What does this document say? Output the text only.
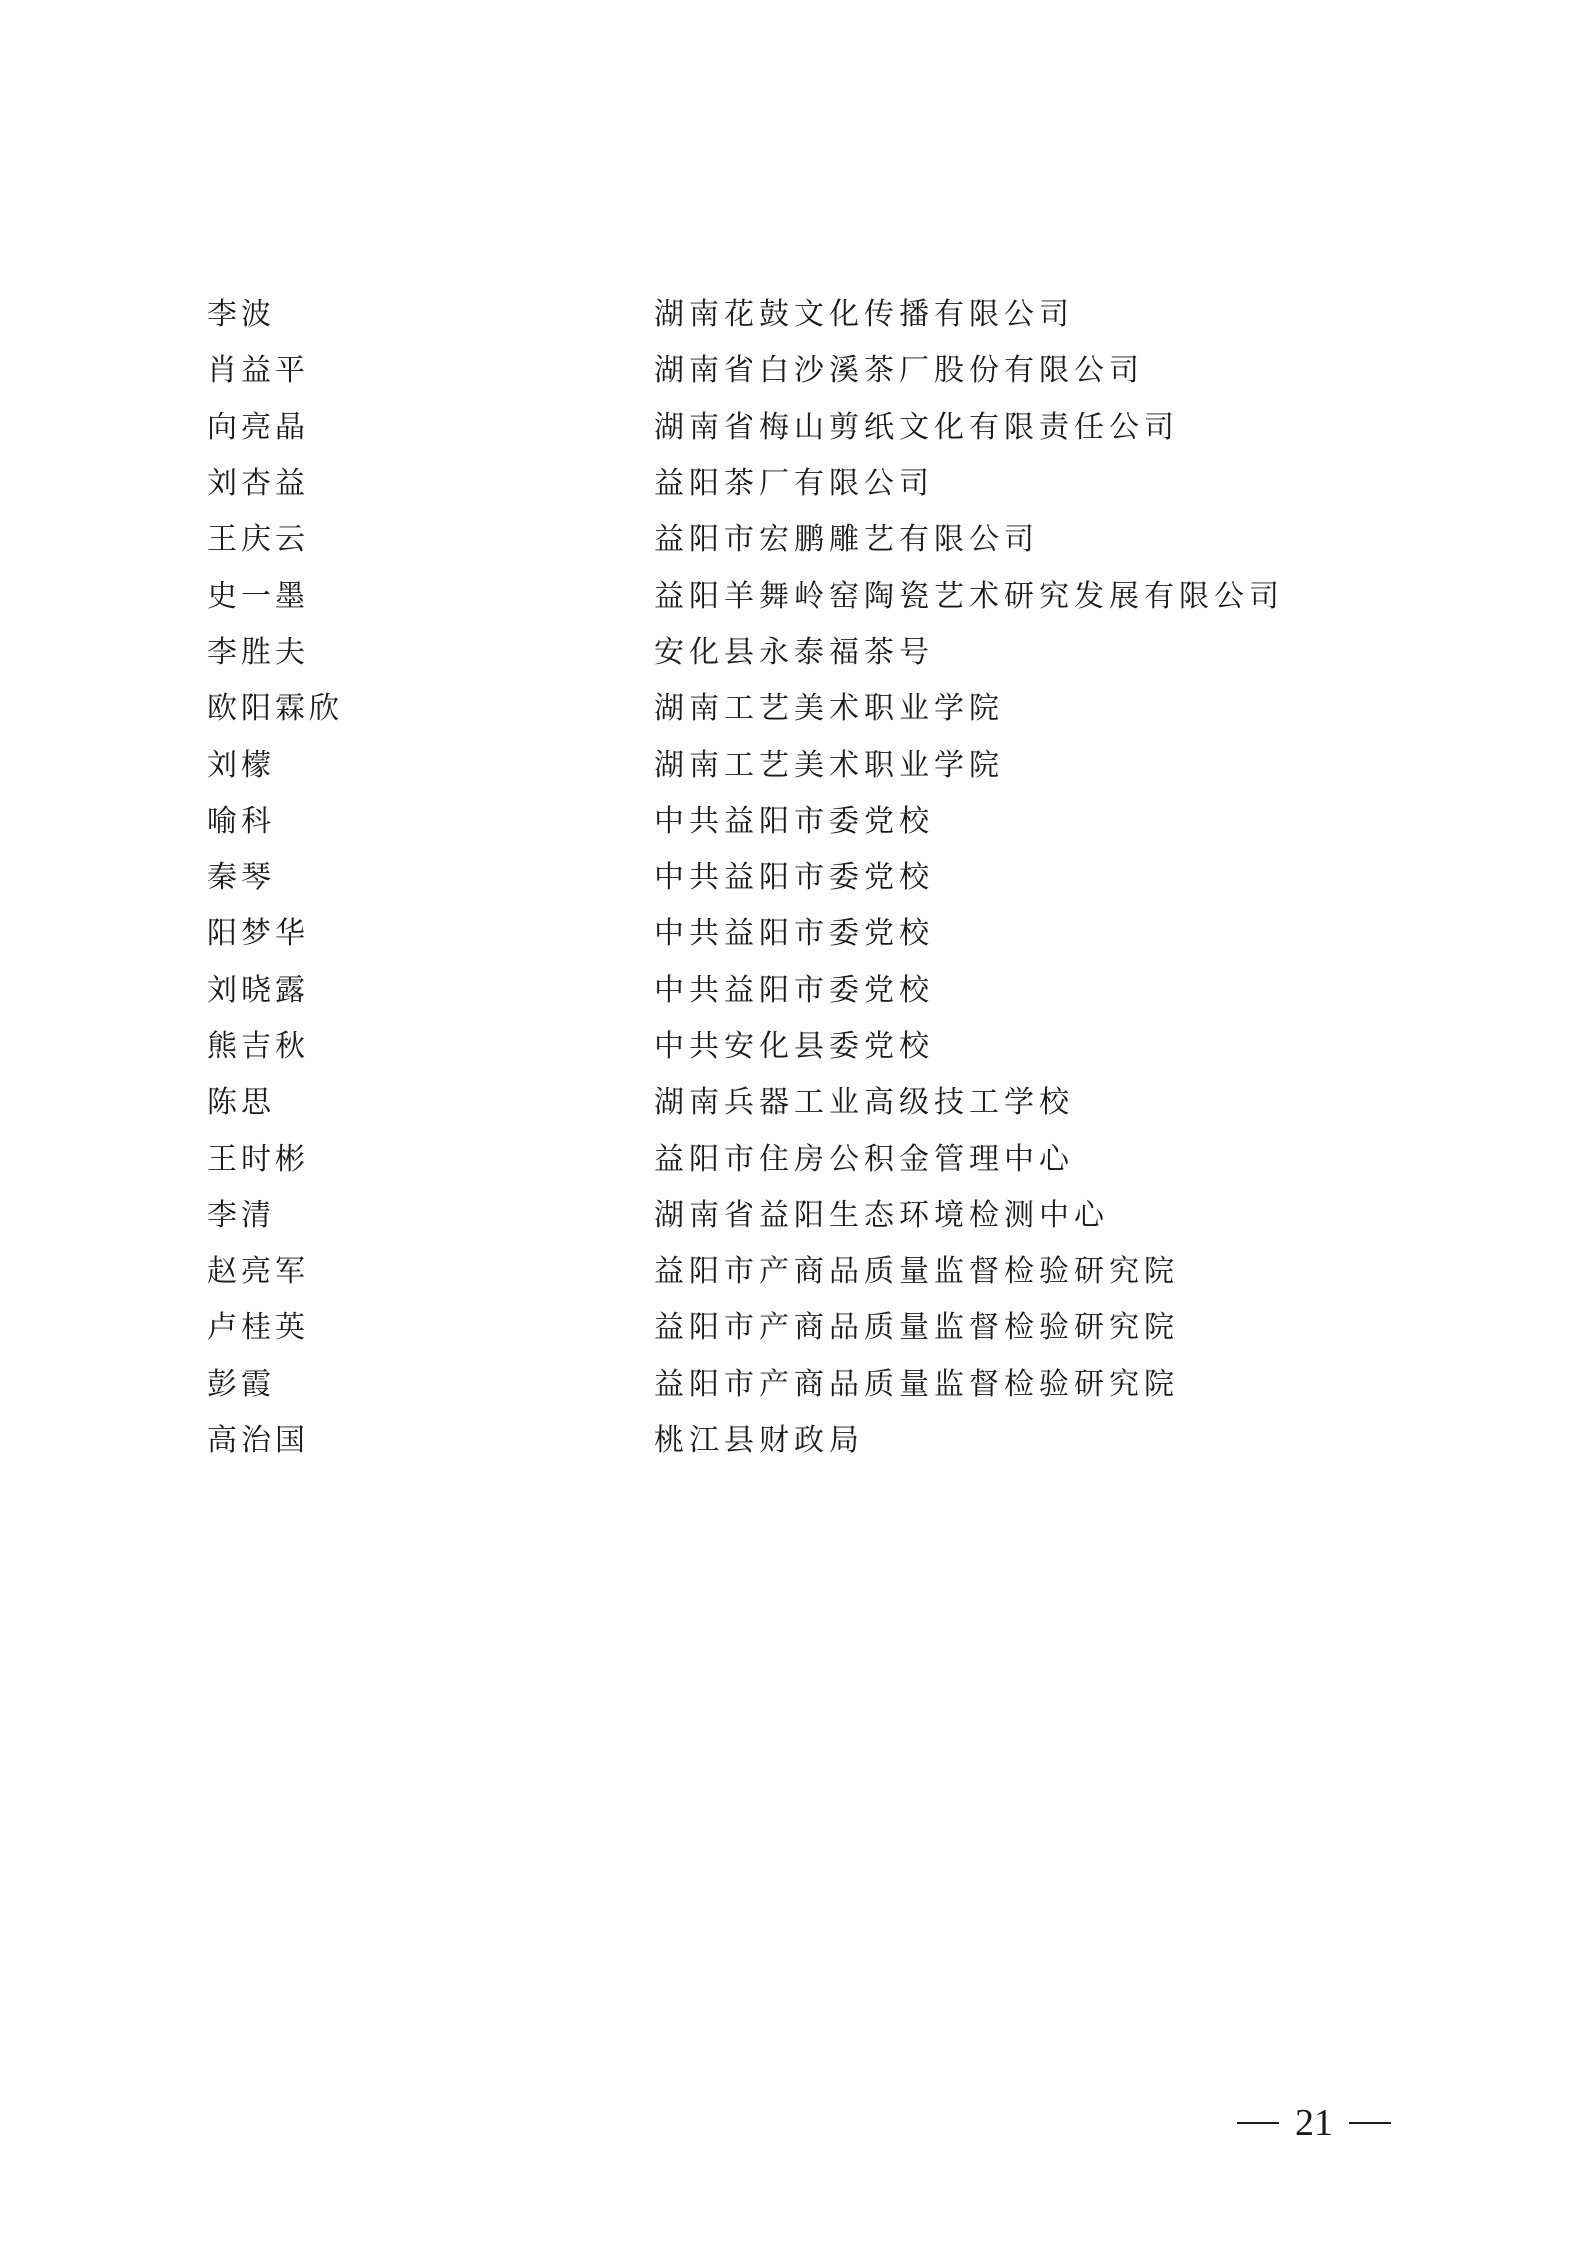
李波	湖南花鼓文化传播有限公司
肖益平	湖南省白沙溪茶厂股份有限公司
向亮晶	湖南省梅山剪纸文化有限责任公司
刘杏益	益阳茶厂有限公司
王庆云	益阳市宏鹏雕艺有限公司
史一墨	益阳羊舞岭窑陶瓷艺术研究发展有限公司
李胜夫	安化县永泰福茶号
欧阳霖欣	湖南工艺美术职业学院
刘檬	湖南工艺美术职业学院
喻科	中共益阳市委党校
秦琴	中共益阳市委党校
阳梦华	中共益阳市委党校
刘晓露	中共益阳市委党校
熊吉秋	中共安化县委党校
陈思	湖南兵器工业高级技工学校
王时彬	益阳市住房公积金管理中心
李清	湖南省益阳生态环境检测中心
赵亮军	益阳市产商品质量监督检验研究院
卢桂英	益阳市产商品质量监督检验研究院
彭霞	益阳市产商品质量监督检验研究院
高治国	桃江县财政局
21
